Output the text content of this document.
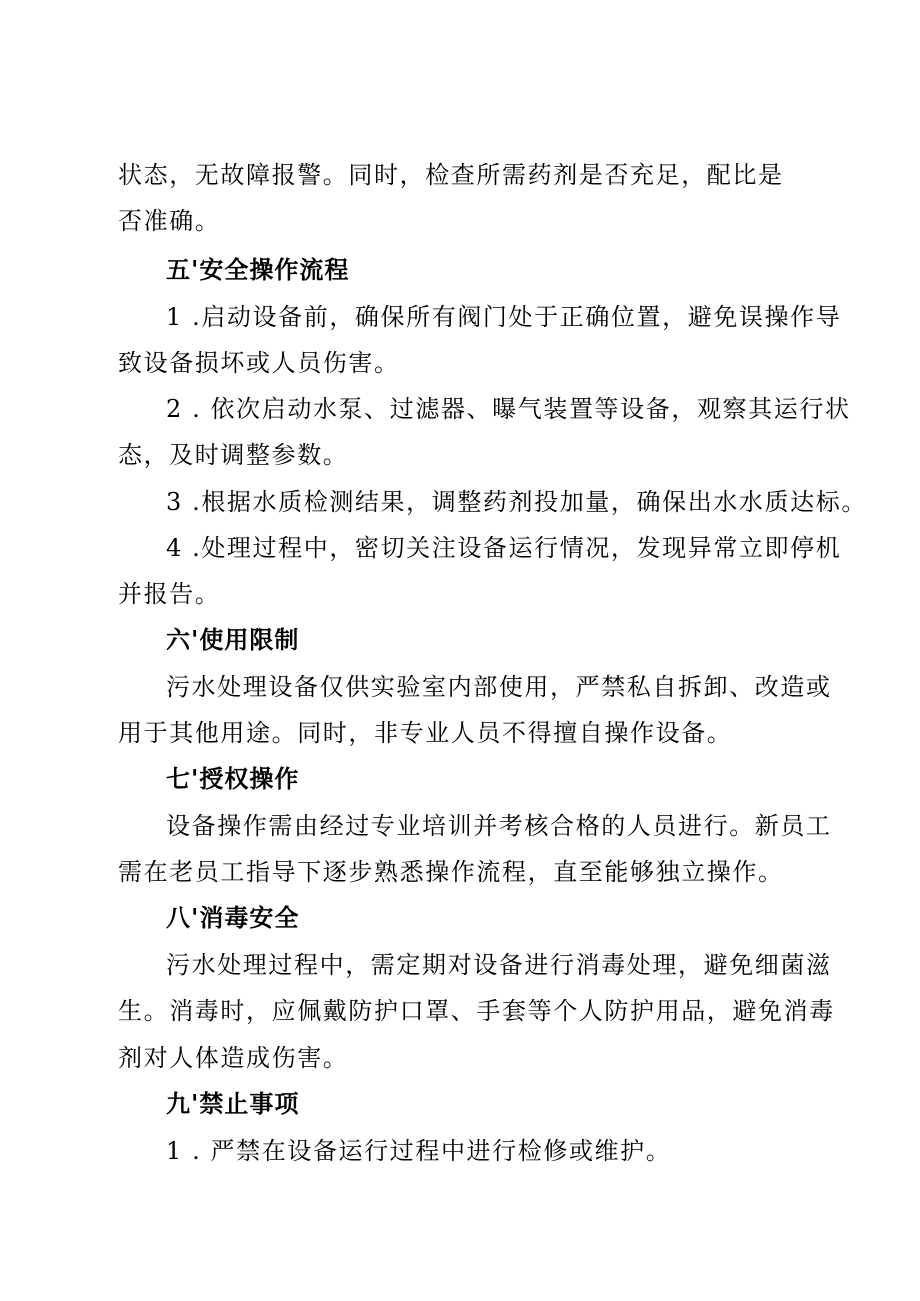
状态，无故障报警。同时，检查所需药剂是否充足，配比是
否准确。
五'安全操作流程
1 .启动设备前，确保所有阀门处于正确位置，避免误操作导
致设备损坏或人员伤害。
2 . 依次启动水泵、过滤器、曝气装置等设备，观察其运行状
态，及时调整参数。
3 .根据水质检测结果，调整药剂投加量，确保出水水质达标。
4 .处理过程中，密切关注设备运行情况，发现异常立即停机
并报告。
六'使用限制
污水处理设备仅供实验室内部使用，严禁私自拆卸、改造或
用于其他用途。同时，非专业人员不得擅自操作设备。
七'授权操作
设备操作需由经过专业培训并考核合格的人员进行。新员工
需在老员工指导下逐步熟悉操作流程，直至能够独立操作。
八'消毒安全
污水处理过程中，需定期对设备进行消毒处理，避免细菌滋
生。消毒时，应佩戴防护口罩、手套等个人防护用品，避免消毒
剂对人体造成伤害。
九'禁止事项
1 . 严禁在设备运行过程中进行检修或维护。
